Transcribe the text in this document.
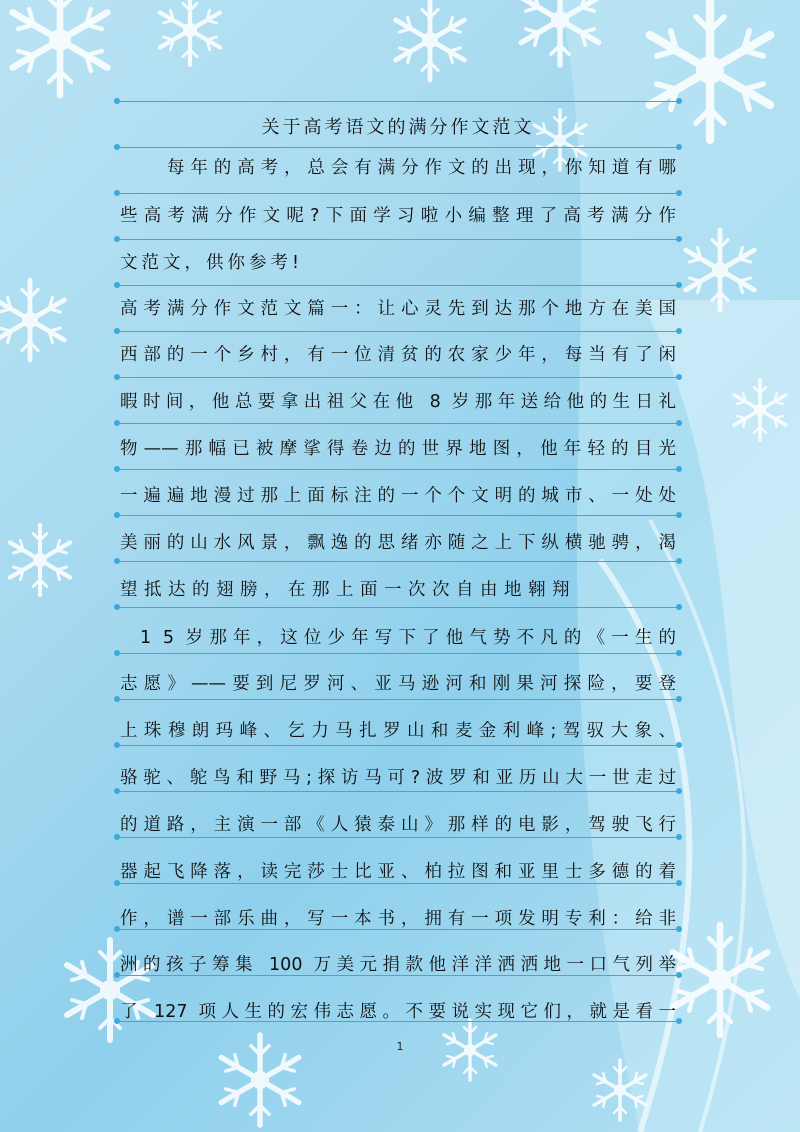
关于高考语文的满分作文范文
每年的高考，总会有满分作文的出现，你知道有哪
些高考满分作文呢?下面学习啦小编整理了高考满分作
文范文，供你参考!
高考满分作文范文篇一：让心灵先到达那个地方在美国
西部的一个乡村，有一位清贫的农家少年，每当有了闲
暇时间，他总要拿出祖父在他 8 岁那年送给他的生日礼
物——那幅已被摩挲得卷边的世界地图，他年轻的目光
一遍遍地漫过那上面标注的一个个文明的城市、一处处
美丽的山水风景，飘逸的思绪亦随之上下纵横驰骋，渴
望抵达的翅膀，在那上面一次次自由地翱翔
1 5 岁那年，这位少年写下了他气势不凡的《一生的
志愿》——要到尼罗河、亚马逊河和刚果河探险，要登
上珠穆朗玛峰、乞力马扎罗山和麦金利峰;驾驭大象、
骆驼、鸵鸟和野马;探访马可?波罗和亚历山大一世走过
的道路，主演一部《人猿泰山》那样的电影，驾驶飞行
器起飞降落，读完莎士比亚、柏拉图和亚里士多德的着
作，谱一部乐曲，写一本书，拥有一项发明专利：给非
洲的孩子筹集 100 万美元捐款他洋洋洒洒地一口气列举
了 127 项人生的宏伟志愿。不要说实现它们，就是看一
1
